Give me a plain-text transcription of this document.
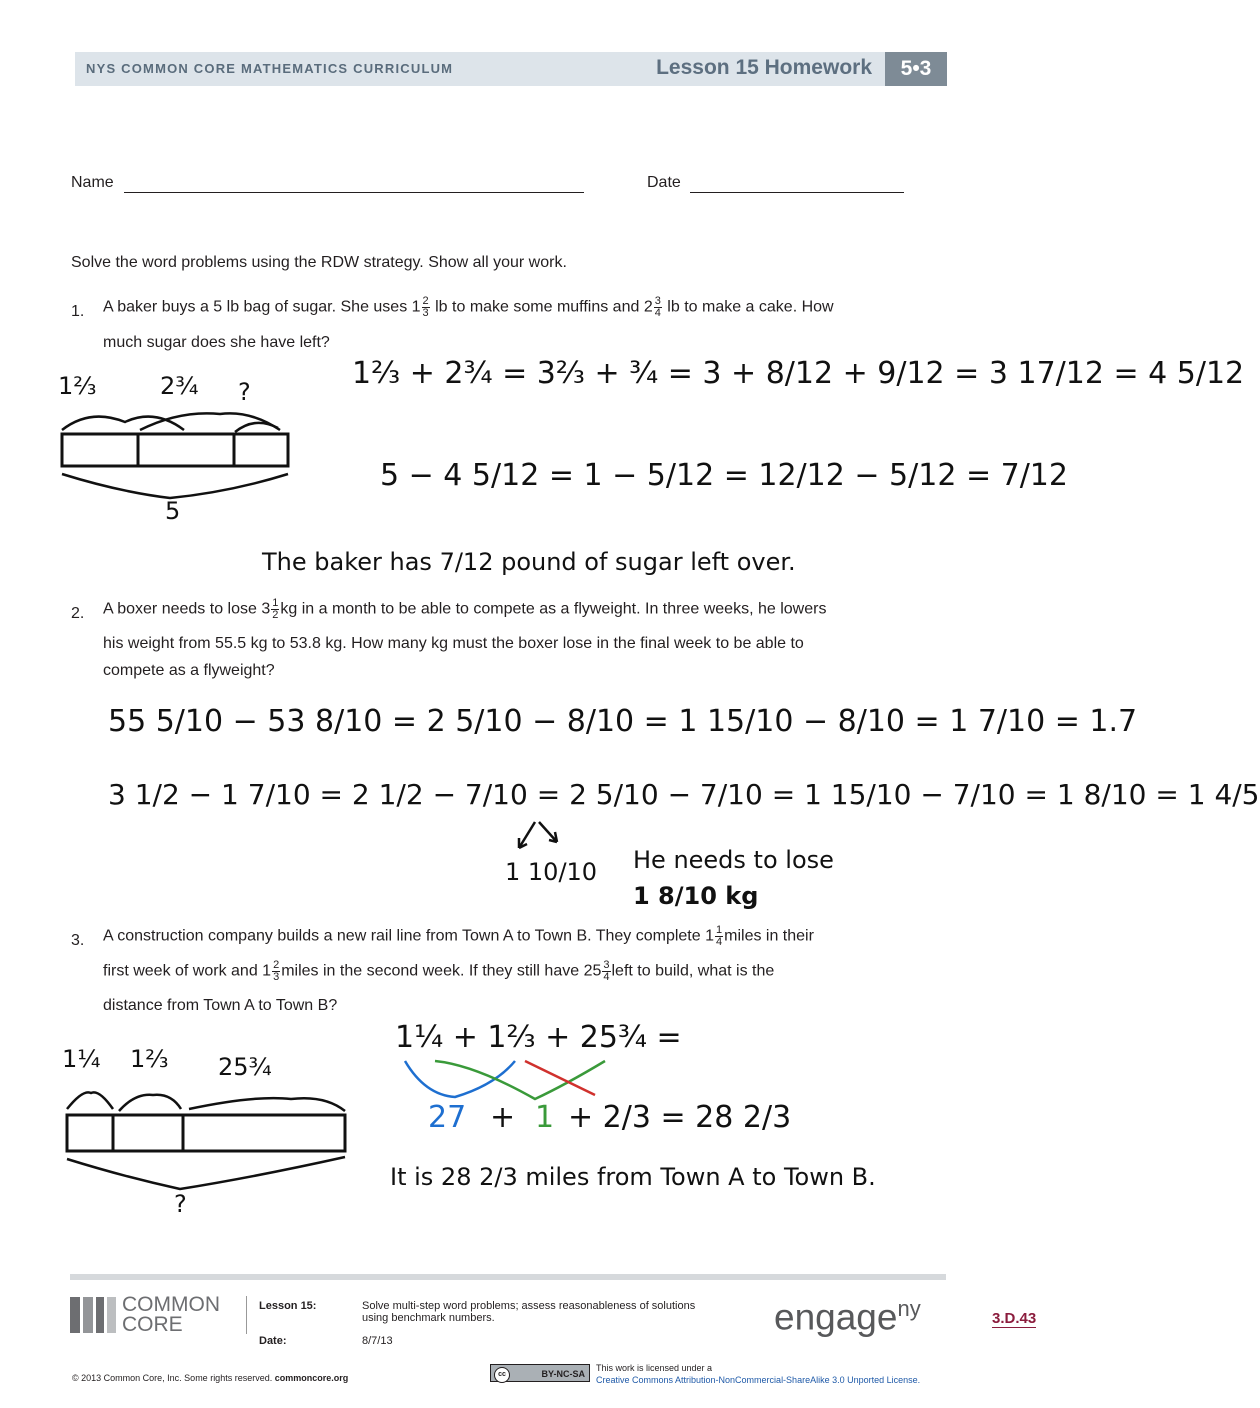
NYS COMMON CORE MATHEMATICS CURRICULUM	Lesson 15 Homework	5•3
Name	Date
Solve the word problems using the RDW strategy. Show all your work.
1. A baker buys a 5 lb bag of sugar. She uses $1 \frac{2}{3}$ lb to make some muffins and $2 \frac{3}{4}$ lb to make a cake. How
much sugar does she have left?
1⅔	2¾ ?
5
1⅔ + 2¾ = 3⅔ + ¾ = 3 + 8/12 + 9/12 = 3 17/12 = 4 5/12
5 − 4 5/12 = 1 − 5/12 = 12/12 − 5/12 = 7/12
The baker has 7/12 pound of sugar left over.
2. A boxer needs to lose $3 \frac{1}{2}$ kg in a month to be able to compete as a flyweight. In three weeks, he lowers
his weight from 55.5 kg to 53.8 kg. How many kg must the boxer lose in the final week to be able to
compete as a flyweight?
55 5/10 − 53 8/10 = 2 5/10 − 8/10 = 1 15/10 − 8/10 = 1 7/10 = 1.7
3 1/2 − 1 7/10 = 2 1/2 − 7/10 = 2 5/10 − 7/10 = 1 15/10 − 7/10 = 1 8/10 = 1 4/5
1 10/10 He needs to lose
1 8/10 kg
3. A construction company builds a new rail line from Town A to Town B. They complete $1 \frac{1}{4}$ miles in their
first week of work and $1 \frac{2}{3}$ miles in the second week. If they still have $25 \frac{3}{4}$ left to build, what is the
distance from Town A to Town B?
1¼ 1⅔ 25¾
?
1¼ + 1⅔ + 25¾ =
27 + 1 + 2/3 = 28 2/3
It is 28 2/3 miles from Town A to Town B.
COMMON
CORE
Lesson 15:	Solve multi-step word problems; assess reasonableness of solutions
using benchmark numbers.
Date:	8/7/13
engage$^{ny}$	3.D.43
© 2013 Common Core, Inc. Some rights reserved. commoncore.org	cc	BY-NC-SA
This work is licensed under a
Creative Commons Attribution-NonCommercial-ShareAlike 3.0 Unported License.
